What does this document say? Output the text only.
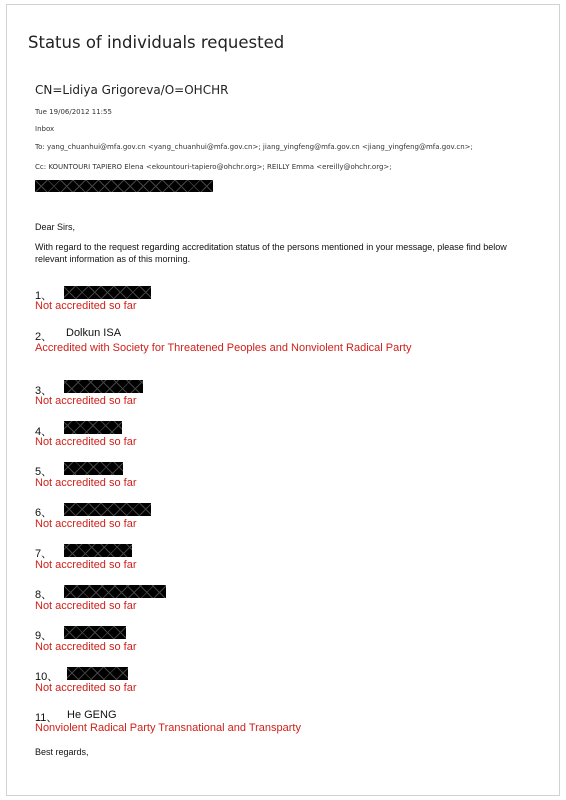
Status of individuals requested
CN=Lidiya Grigoreva/O=OHCHR
Tue 19/06/2012 11:55
Inbox
To: yang_chuanhui@mfa.gov.cn <yang_chuanhui@mfa.gov.cn>; jiang_yingfeng@mfa.gov.cn <jiang_yingfeng@mfa.gov.cn>;
Cc: KOUNTOURI TAPIERO Elena <ekountouri-tapiero@ohchr.org>; REILLY Emma <ereilly@ohchr.org>;
Dear Sirs,
With regard to the request regarding accreditation status of the persons mentioned in your message, please find below
relevant information as of this morning.
1、
Not accredited so far
2、 Dolkun ISA
Accredited with Society for Threatened Peoples and Nonviolent Radical Party
3、
Not accredited so far
4、
Not accredited so far
5、
Not accredited so far
6、
Not accredited so far
7、
Not accredited so far
8、
Not accredited so far
9、
Not accredited so far
10、
Not accredited so far
11、 He GENG
Nonviolent Radical Party Transnational and Transparty
Best regards,
